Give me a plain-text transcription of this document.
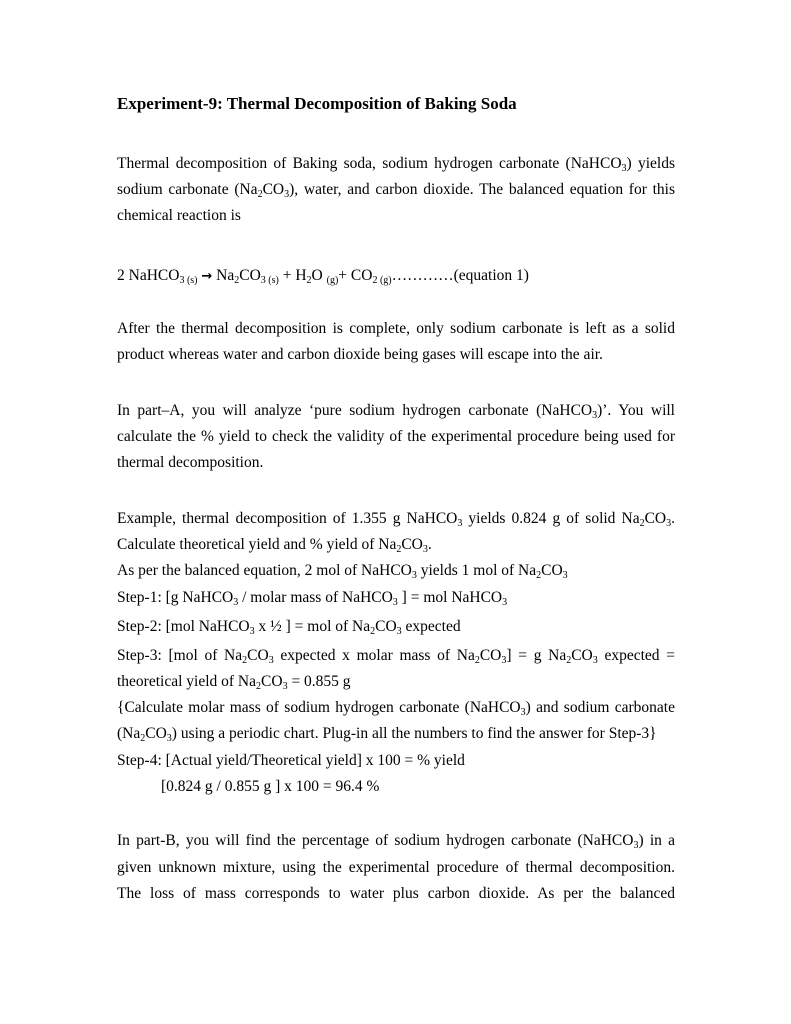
Experiment-9: Thermal Decomposition of Baking Soda
Thermal decomposition of Baking soda, sodium hydrogen carbonate (NaHCO$_3$) yields
sodium carbonate $(Na_2CO_3)$, water, and carbon dioxide. The balanced equation for this
chemical reaction is
2 NaHCO$_{3 (s)}$ → $Na_2CO_{3 (s)} + H_2O$ $_{(g)}+ CO_{2 (g)}\dots\dots\dots\dots(equation$ 1)
After the thermal decomposition is complete, only sodium carbonate is left as a solid
product whereas water and carbon dioxide being gases will escape into the air.
In part–A, you will analyze ‘pure sodium hydrogen carbonate (NaHCO$_3$)’. You will
calculate the % yield to check the validity of the experimental procedure being used for
thermal decomposition.
Example, thermal decomposition of 1.355 g NaHCO$_3$ yields 0.824 g of solid $Na_2CO_3$.
Calculate theoretical yield and % yield of $Na_2CO_3$.
As per the balanced equation, 2 mol of NaHCO$_3$ yields 1 mol of $Na_2CO_3$
Step-1: [g NaHCO$_3$ / molar mass of NaHCO$_3$ ] = mol NaHCO$_3$
Step-2: [mol NaHCO$_3$ x ½ ] = mol of $Na_2CO_3$ expected
Step-3: [mol of $Na_2CO_3$ expected x molar mass of $Na_2CO_3] = g$ $Na_2CO_3$ expected =
theoretical yield of $Na_2CO_3 = 0.855$ g
{Calculate molar mass of sodium hydrogen carbonate (NaHCO$_3$) and sodium carbonate
$(Na_2CO_3)$ using a periodic chart. Plug-in all the numbers to find the answer for Step-3}
Step-4: [Actual yield/Theoretical yield] x 100 = % yield
[0.824 g / 0.855 g ] x 100 = 96.4 %
In part-B, you will find the percentage of sodium hydrogen carbonate (NaHCO$_3$) in a
given unknown mixture, using the experimental procedure of thermal decomposition.
The loss of mass corresponds to water plus carbon dioxide. As per the balanced
